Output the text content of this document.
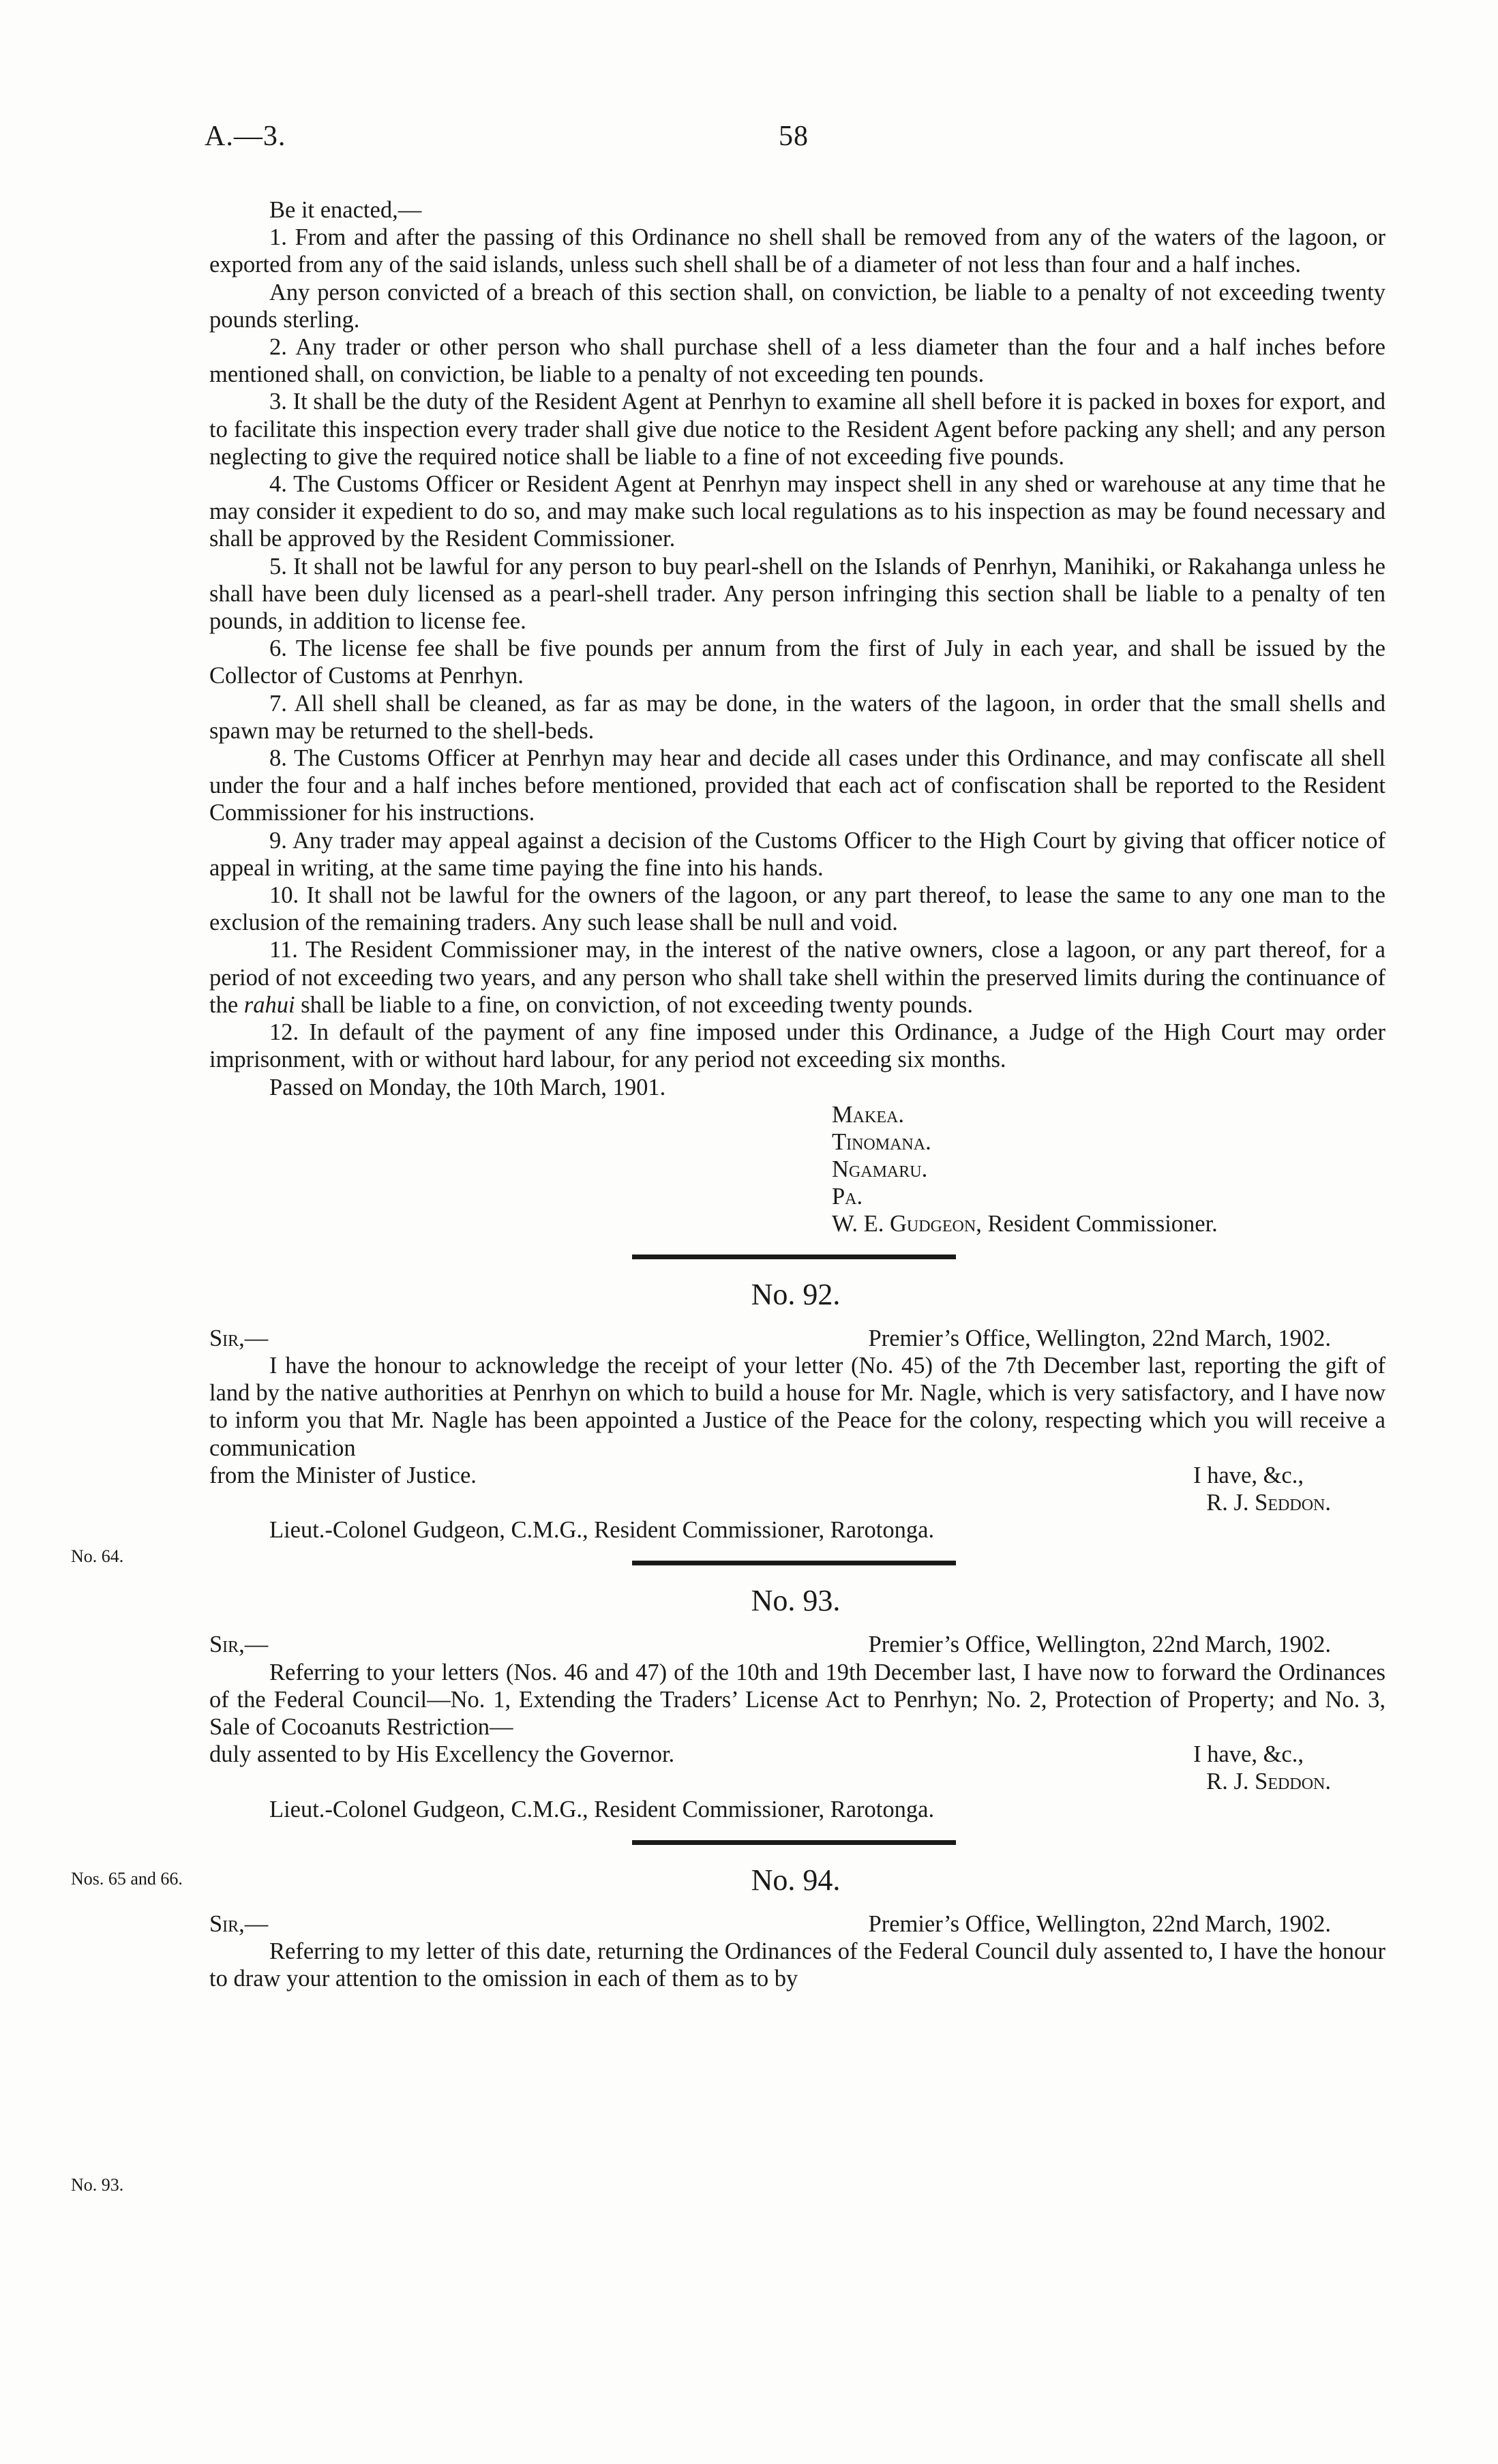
A.—3.	58

Be it enacted,—

1. From and after the passing of this Ordinance no shell shall be removed from any of the waters of the lagoon, or exported from any of the said islands, unless such shell shall be of a diameter of not less than four and a half inches.

Any person convicted of a breach of this section shall, on conviction, be liable to a penalty of not exceeding twenty pounds sterling.

2. Any trader or other person who shall purchase shell of a less diameter than the four and a half inches before mentioned shall, on conviction, be liable to a penalty of not exceeding ten pounds.

3. It shall be the duty of the Resident Agent at Penrhyn to examine all shell before it is packed in boxes for export, and to facilitate this inspection every trader shall give due notice to the Resident Agent before packing any shell; and any person neglecting to give the required notice shall be liable to a fine of not exceeding five pounds.

4. The Customs Officer or Resident Agent at Penrhyn may inspect shell in any shed or warehouse at any time that he may consider it expedient to do so, and may make such local regulations as to his inspection as may be found necessary and shall be approved by the Resident Commissioner.

5. It shall not be lawful for any person to buy pearl-shell on the Islands of Penrhyn, Manihiki, or Rakahanga unless he shall have been duly licensed as a pearl-shell trader. Any person infringing this section shall be liable to a penalty of ten pounds, in addition to license fee.

6. The license fee shall be five pounds per annum from the first of July in each year, and shall be issued by the Collector of Customs at Penrhyn.

7. All shell shall be cleaned, as far as may be done, in the waters of the lagoon, in order that the small shells and spawn may be returned to the shell-beds.

8. The Customs Officer at Penrhyn may hear and decide all cases under this Ordinance, and may confiscate all shell under the four and a half inches before mentioned, provided that each act of confiscation shall be reported to the Resident Commissioner for his instructions.

9. Any trader may appeal against a decision of the Customs Officer to the High Court by giving that officer notice of appeal in writing, at the same time paying the fine into his hands.

10. It shall not be lawful for the owners of the lagoon, or any part thereof, to lease the same to any one man to the exclusion of the remaining traders. Any such lease shall be null and void.

11. The Resident Commissioner may, in the interest of the native owners, close a lagoon, or any part thereof, for a period of not exceeding two years, and any person who shall take shell within the preserved limits during the continuance of the rahui shall be liable to a fine, on conviction, of not exceeding twenty pounds.

12. In default of the payment of any fine imposed under this Ordinance, a Judge of the High Court may order imprisonment, with or without hard labour, for any period not exceeding six months.

Passed on Monday, the 10th March, 1901.

Makea.
Tinomana.
Ngamaru.
Pa.
W. E. Gudgeon, Resident Commissioner.
No. 92.
Sir,—	Premier’s Office, Wellington, 22nd March, 1902.

I have the honour to acknowledge the receipt of your letter (No. 45) of the 7th December last, reporting the gift of land by the native authorities at Penrhyn on which to build a house for Mr. Nagle, which is very satisfactory, and I have now to inform you that Mr. Nagle has been appointed a Justice of the Peace for the colony, respecting which you will receive a communication

from the Minister of Justice.	I have, &c.,
R. J. Seddon.
Lieut.-Colonel Gudgeon, C.M.G., Resident Commissioner, Rarotonga.
No. 93.
Sir,—	Premier’s Office, Wellington, 22nd March, 1902.

Referring to your letters (Nos. 46 and 47) of the 10th and 19th December last, I have now to forward the Ordinances of the Federal Council—No. 1, Extending the Traders’ License Act to Penrhyn; No. 2, Protection of Property; and No. 3, Sale of Cocoanuts Restriction—

duly assented to by His Excellency the Governor.	I have, &c.,
R. J. Seddon.
Lieut.-Colonel Gudgeon, C.M.G., Resident Commissioner, Rarotonga.
No. 94.
Sir,—	Premier’s Office, Wellington, 22nd March, 1902.

Referring to my letter of this date, returning the Ordinances of the Federal Council duly assented to, I have the honour to draw your attention to the omission in each of them as to by

No. 64.
Nos. 65 and 66.
No. 93.
